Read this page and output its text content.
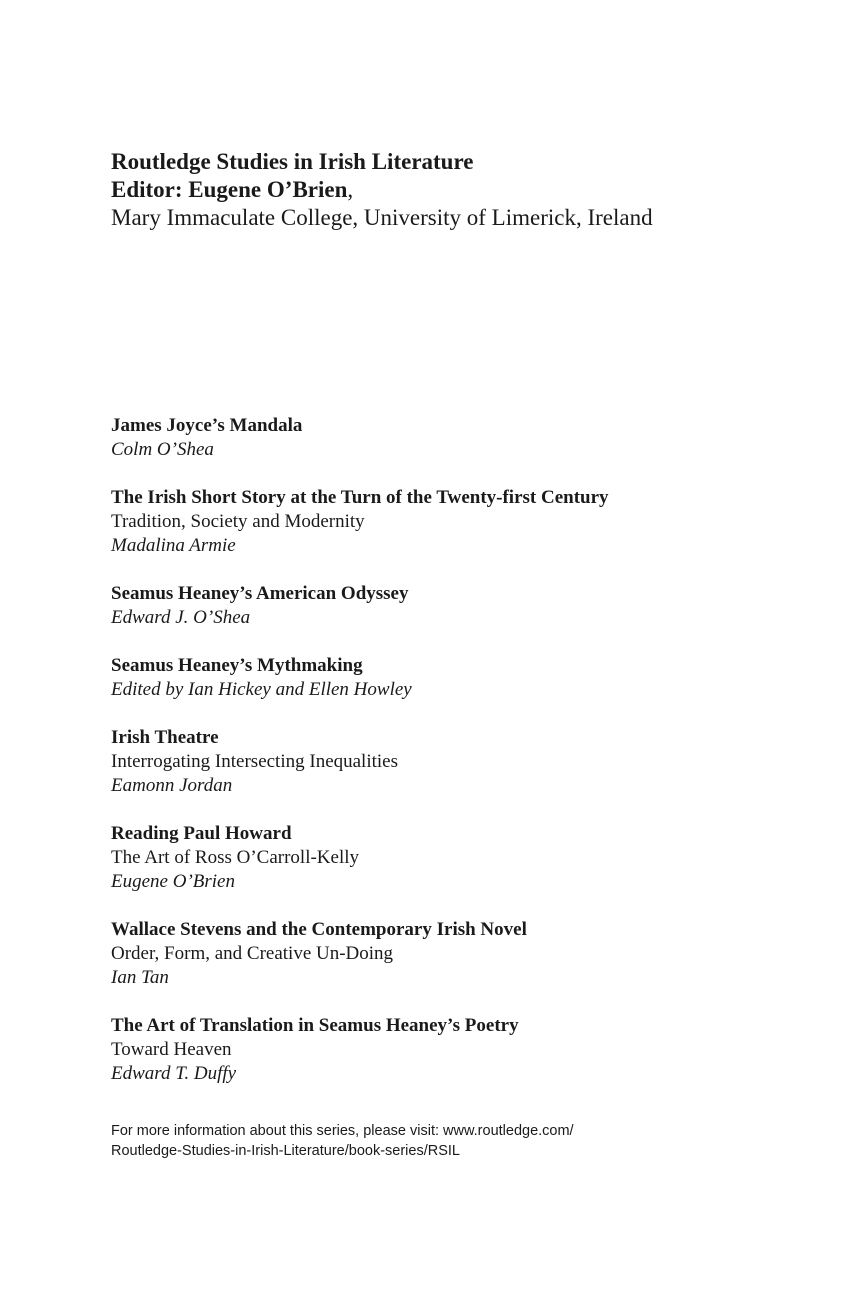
Routledge Studies in Irish Literature
Editor: Eugene O’Brien,
Mary Immaculate College, University of Limerick, Ireland
James Joyce’s Mandala
Colm O’Shea
The Irish Short Story at the Turn of the Twenty-first Century
Tradition, Society and Modernity
Madalina Armie
Seamus Heaney’s American Odyssey
Edward J. O’Shea
Seamus Heaney’s Mythmaking
Edited by Ian Hickey and Ellen Howley
Irish Theatre
Interrogating Intersecting Inequalities
Eamonn Jordan
Reading Paul Howard
The Art of Ross O’Carroll-Kelly
Eugene O’Brien
Wallace Stevens and the Contemporary Irish Novel
Order, Form, and Creative Un-Doing
Ian Tan
The Art of Translation in Seamus Heaney’s Poetry
Toward Heaven
Edward T. Duffy
For more information about this series, please visit: www.routledge.com/
Routledge-Studies-in-Irish-Literature/book-series/RSIL
